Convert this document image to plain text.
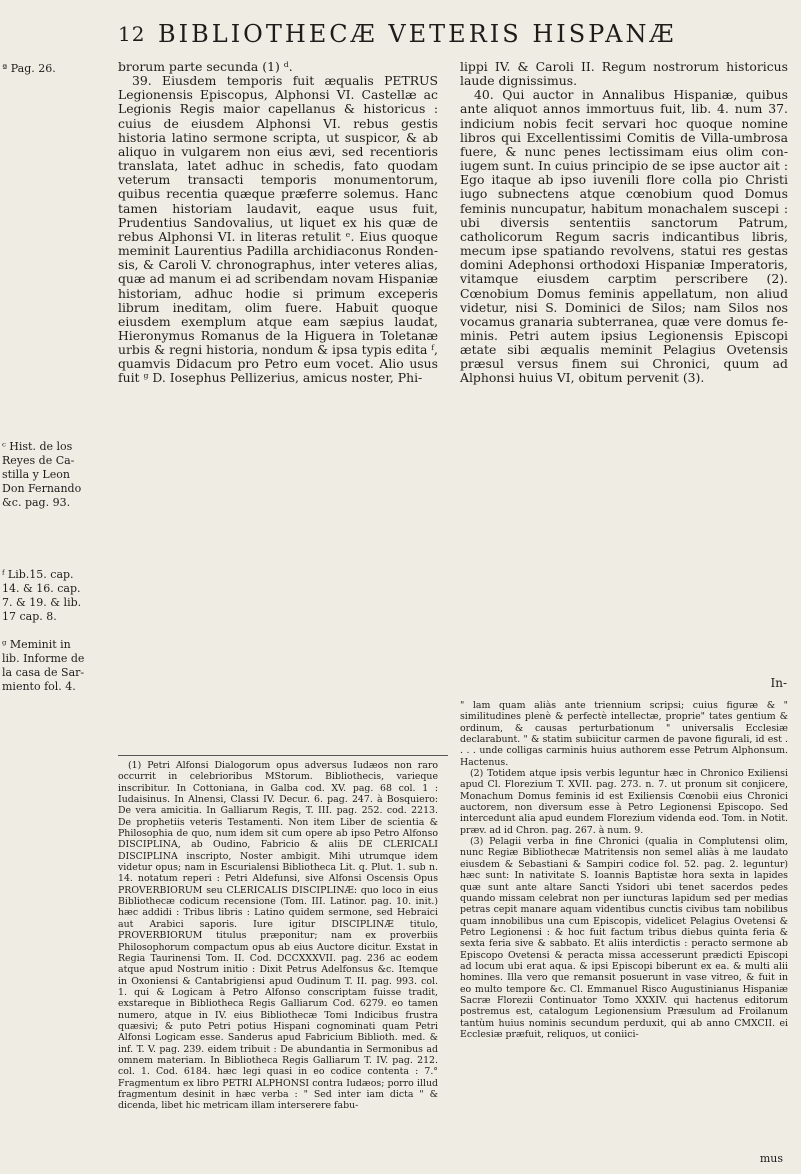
12 BIBLIOTHECÆ VETERIS HISPANÆ

ª Pag. 26.

ᶜ Hist. de los

Reyes de Ca-

stilla y Leon

Don Fernando

&c. pag. 93.

ᶠ Lib.15. cap.

14. & 16. cap.

7. & 19. & lib.

17 cap. 8.

ᵍ Meminit in

lib. Informe de

la casa de Sar-

miento fol. 4.

brorum parte secunda (1) ᵈ.

39. Eiusdem temporis fuit æqualis PETRUS Legionensis Episcopus, Alphonsi VI. Castellæ ac Legionis Regis maior capellanus & historicus : cuius de eiusdem Alphonsi VI. rebus gestis historia latino sermone scripta, ut suspicor, & ab aliquo in vulgarem non eius ævi, sed recentioris translata, latet adhuc in schedis, fato quodam veterum transacti temporis monumentorum, quibus recentia quæque præferre solemus. Hanc tamen historiam laudavit, eaque usus fuit, Prudentius Sandovalius, ut liquet ex his quæ de rebus Alphonsi VI. in literas retulit ᵉ. Eius quoque meminit Laurentius Padilla archidiaconus Rondensis, & Caroli V. chronographus, inter veteres alias, quæ ad manum ei ad scribendam novam Hispaniæ historiam, adhuc hodie si primum exceperis librum ineditam, olim fuere. Habuit quoque eiusdem exemplum atque eam sæpius laudat, Hieronymus Romanus de la Higuera in Toletanæ urbis & regni historia, nondum & ipsa typis edita ᶠ, quamvis Didacum pro Petro eum vocet. Alio usus fuit ᵍ D. Iosephus Pellizerius, amicus noster, Phi-

lippi IV. & Caroli II. Regum nostrorum historicus laude dignissimus.

40. Qui auctor in Annalibus Hispaniæ, quibus ante aliquot annos immortuus fuit, lib. 4. num 37. indicium nobis fecit servari hoc quoque nomine libros qui Excellentissimi Comitis de Villa-umbrosa fuere, & nunc penes lectissimam eius olim coniugem sunt. In cuius principio de se ipse auctor ait : Ego itaque ab ipso iuvenili flore colla pio Christi iugo subnectens atque cœnobium quod Domus feminis nuncupatur, habitum monachalem suscepi : ubi diversis sententiis sanctorum Patrum, catholicorum Regum sacris indicantibus libris, mecum ipse spatiando revolvens, statui res gestas domini Adephonsi orthodoxi Hispaniæ Imperatoris, vitamque eiusdem carptim perscribere (2). Cœnobium Domus feminis appellatum, non aliud videtur, nisi S. Dominici de Silos; nam Silos nos vocamus granaria subterranea, quæ vere domus feminis. Petri autem ipsius Legionensis Episcopi ætate sibi æqualis meminit Pelagius Ovetensis præsul versus finem sui Chronici, quum ad Alphonsi huius VI, obitum pervenit (3).

In-

(1) Petri Alfonsi Dialogorum opus adversus Iudæos non raro occurrit in celebrioribus MStorum. Bibliothecis, varieque inscribitur. In Cottoniana, in Galba cod. XV. pag. 68 col. 1 : Iudaisinus. In Alnensi, Classi IV. Decur. 6. pag. 247. à Bosquiero: De vera amicitia. In Galliarum Regis, T. III. pag. 252. cod. 2213. De prophetiis veteris Testamenti. Non item Liber de scientia & Philosophia de quo, num idem sit cum opere ab ipso Petro Alfonso DISCIPLINA, ab Oudino, Fabricio & aliis DE CLERICALI DISCIPLINA inscripto, Noster ambigit. Mihi utrumque idem videtur opus; nam in Escurialensi Bibliotheca Lit. q. Plut. 1. sub n. 14. notatum reperi : Petri Aldefunsi, sive Alfonsi Oscensis Opus PROVERBIORUM seu CLERICALIS DISCIPLINÆ: quo loco in eius Bibliothecæ codicum recensione (Tom. III. Latinor. pag. 10. init.) hæc addidi : Tribus libris : Latino quidem sermone, sed Hebraici aut Arabici saporis. Iure igitur DISCIPLINÆ titulo, PROVERBIORUM titulus præponitur; nam ex proverbiis Philosophorum compactum opus ab eius Auctore dicitur. Exstat in Regia Taurinensi Tom. II. Cod. DCCXXXVII. pag. 236 ac eodem atque apud Nostrum initio : Dixit Petrus Adelfonsus &c. Itemque in Oxoniensi & Cantabrigiensi apud Oudinum T. II. pag. 993. col. 1. qui & Logicam à Petro Alfonso conscriptam fuisse tradit, exstareque in Bibliotheca Regis Galliarum Cod. 6279. eo tamen numero, atque in IV. eius Bibliothecæ Tomi Indicibus frustra quæsivi; & puto Petri potius Hispani cognominati quam Petri Alfonsi Logicam esse. Sanderus apud Fabricium Biblioth. med. & inf. T. V. pag. 239. eidem tribuit : De abundantia in Sermonibus ad omnem materiam. In Bibliotheca Regis Galliarum T. IV. pag. 212. col. 1. Cod. 6184. hæc legi quasi in eo codice contenta : 7.° Fragmentum ex libro PETRI ALPHONSI contra Iudæos; porro illud fragmentum desinit in hæc verba : " Sed inter iam dicta " & dicenda, libet hic metricam illam interserere fabu-

" lam quam aliàs ante triennium scripsi; cuius figuræ & " similitudines plenè & perfectè intellectæ, proprie" tates gentium & ordinum, & causas perturbationum " universalis Ecclesiæ declarabunt. " & statim subiicitur carmen de pavone figurali, id est . . . . unde colligas carminis huius authorem esse Petrum Alphonsum. Hactenus.

(2) Totidem atque ipsis verbis leguntur hæc in Chronico Exiliensi apud Cl. Florezium T. XVII. pag. 273. n. 7. ut pronum sit conjicere, Monachum Domus feminis id est Exiliensis Cœnobii eius Chronici auctorem, non diversum esse à Petro Legionensi Episcopo. Sed intercedunt alia apud eundem Florezium videnda eod. Tom. in Notit. præv. ad id Chron. pag. 267. à num. 9.

(3) Pelagii verba in fine Chronici (qualia in Complutensi olim, nunc Regiæ Bibliothecæ Matritensis non semel aliàs à me laudato eiusdem & Sebastiani & Sampiri codice fol. 52. pag. 2. leguntur) hæc sunt: In nativitate S. Ioannis Baptistæ hora sexta in lapides quæ sunt ante altare Sancti Ysidori ubi tenet sacerdos pedes quando missam celebrat non per iuncturas lapidum sed per medias petras cepit manare aquam videntibus cunctis civibus tam nobilibus quam innobilibus una cum Episcopis, videlicet Pelagius Ovetensi & Petro Legionensi : & hoc fuit factum tribus diebus quinta feria & sexta feria sive & sabbato. Et aliis interdictis : peracto sermone ab Episcopo Ovetensi & peracta missa accesserunt prædicti Episcopi ad locum ubi erat aqua. & ipsi Episcopi biberunt ex ea. & multi alii homines. Illa vero que remansit posuerunt in vase vitreo, & fuit in eo multo tempore &c. Cl. Emmanuel Risco Augustinianus Hispaniæ Sacræ Florezii Continuator Tomo XXXIV. qui hactenus editorum postremus est, catalogum Legionensium Præsulum ad Froilanum tantùm huius nominis secundum perduxit, qui ab anno CMXCII. ei Ecclesiæ præfuit, reliquos, ut coniici-

mus
